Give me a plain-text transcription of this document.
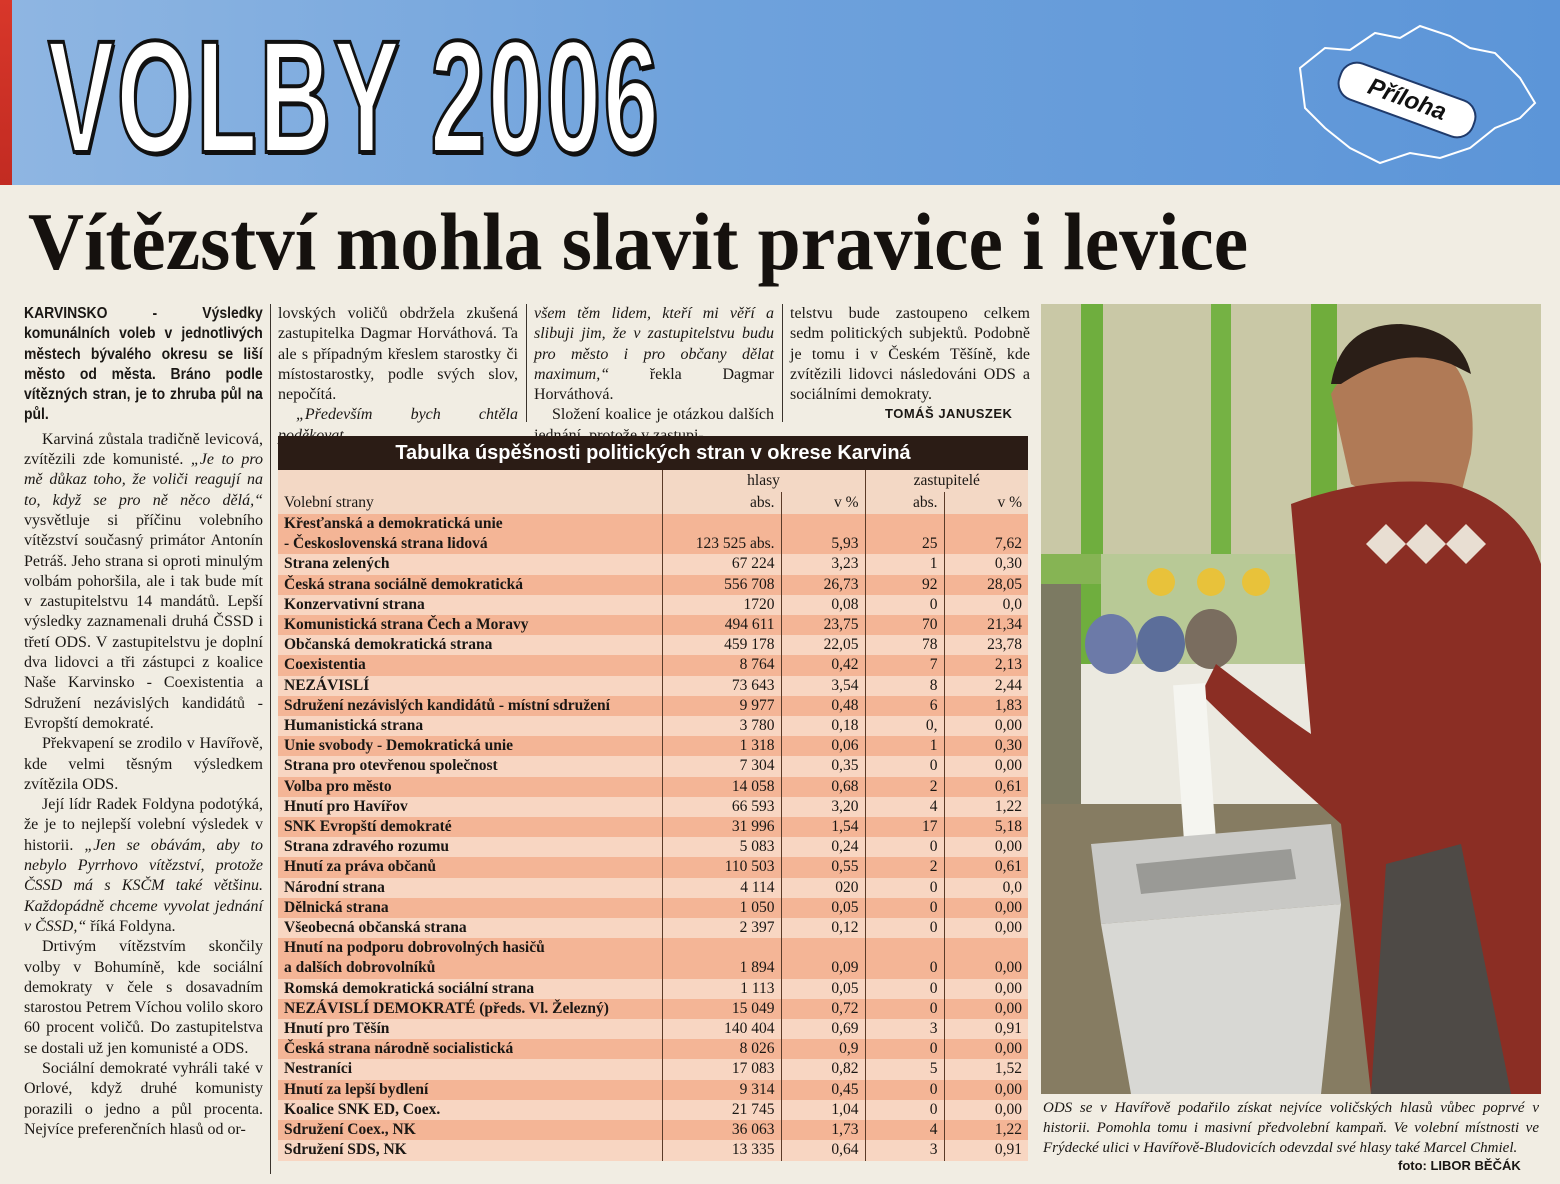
VOLBY 2006	Příloha
Vítězství mohla slavit pravice i levice
KARVINSKO	- Výsledky komunálních voleb v jednotlivých městech bývalého okresu se liší město od města. Bráno podle vítězných stran, je to zhruba půl na půl.

Karviná zůstala tradičně levicová, zvítězili zde komunisté. „Je to pro mě důkaz toho, že voliči reagují na to, když se pro ně něco dělá,“ vysvětluje si příčinu volebního vítězství současný primátor Antonín Petráš. Jeho strana si oproti minulým volbám pohoršila, ale i tak bude mít v zastupitelstvu 14 mandátů. Lepší výsledky zaznamenali druhá ČSSD i třetí ODS. V zastupitelstvu je doplní dva lidovci a tři zástupci z koalice Naše Karvinsko - Coexistentia a Sdružení nezávislých kandidátů - Evropští demokraté.

Překvapení se zrodilo v Havířově, kde velmi těsným výsledkem zvítězila ODS.

Její lídr Radek Foldyna podotýká, že je to nejlepší volební výsledek v historii. „Jen se obávám, aby to nebylo Pyrrhovo vítězství, protože ČSSD má s KSČM také většinu. Každopádně chceme vyvolat jednání v ČSSD,“ říká Foldyna.

Drtivým vítězstvím skončily volby v Bohumíně, kde sociální demokraty v čele s dosavadním starostou Petrem Víchou volilo skoro 60 procent voličů. Do zastupitelstva se dostali už jen komunisté a ODS.

Sociální demokraté vyhráli také v Orlové, když druhé komunisty porazili o jedno a půl procenta. Nejvíce preferenčních hlasů od or-

lovských voličů obdržela zkušená zastupitelka Dagmar Horváthová. Ta ale s případným křeslem starostky či místostarostky, podle svých slov, nepočítá.

„Především bych chtěla

všem těm lidem, kteří mi věří a slibuji jim, že v zastupitelstvu budu pro město i pro občany dělat maximum,“	řekla Dagmar Horváthová.

Složení koalice je otázkou dalších

telstvu bude zastoupeno celkem sedm politických subjektů. Podobně je tomu i v Českém Těšíně, kde zvítězili lidovci následováni ODS a sociálními demokraty.

TOMÁŠ JANUSZEK
Tabulka úspěšnosti politických stran v okrese Karviná
	hlasy		zastupitelé	
Volební strany	abs.	v %	abs.	v %

Křesťanská a demokratická unie
- Československá strana lidová	123 525 abs.	5,93	25	7,62
Strana zelených	67 224	3,23	1	0,30
Česká strana sociálně demokratická	556 708	26,73	92	28,05
Konzervativní strana	1720	0,08	0	0,0
Komunistická strana Čech a Moravy	494 611	23,75	70	21,34
Občanská demokratická strana	459 178	22,05	78	23,78
Coexistentia	8 764	0,42	7	2,13
NEZÁVISLÍ	73 643	3,54	8	2,44
Sdružení nezávislých kandidátů - místní sdružení	9 977	0,48	6	1,83
Humanistická strana	3 780	0,18	0,	0,00
Unie svobody - Demokratická unie	1 318	0,06	1	0,30
Strana pro otevřenou společnost	7 304	0,35	0	0,00
Volba pro město	14 058	0,68	2	0,61
Hnutí pro Havířov	66 593	3,20	4	1,22
SNK Evropští demokraté	31 996	1,54	17	5,18
Strana zdravého rozumu	5 083	0,24	0	0,00
Hnutí za práva občanů	110 503	0,55	2	0,61
Národní strana	4 114	020	0	0,0
Dělnická strana	1 050	0,05	0	0,00
Všeobecná občanská strana	2 397	0,12	0	0,00

Hnutí na podporu dobrovolných hasičů
a dalších dobrovolníků	1 894	0,09	0	0,00
Romská demokratická sociální strana	1 113	0,05	0	0,00
NEZÁVISLÍ DEMOKRATÉ (předs. Vl. Železný)	15 049	0,72	0	0,00
Hnutí pro Těšín	140 404	0,69	3	0,91
Česká strana národně socialistická	8 026	0,9	0	0,00
Nestraníci	17 083	0,82	5	1,52
Hnutí za lepší bydlení	9 314	0,45	0	0,00
Koalice SNK ED, Coex.	21 745	1,04	0	0,00
Sdružení Coex., NK	36 063	1,73	4	1,22
Sdružení SDS, NK	13 335	0,64	3	0,91
ODS se v Havířově podařilo získat nejvíce voličských hlasů vůbec poprvé v historii. Pomohla tomu i masivní předvolební kampaň. Ve volební místnosti ve Frýdecké ulici v Havířově-Bludovicích odevzdal své hlasy také Marcel Chmiel.
foto: LIBOR BĚČÁK
